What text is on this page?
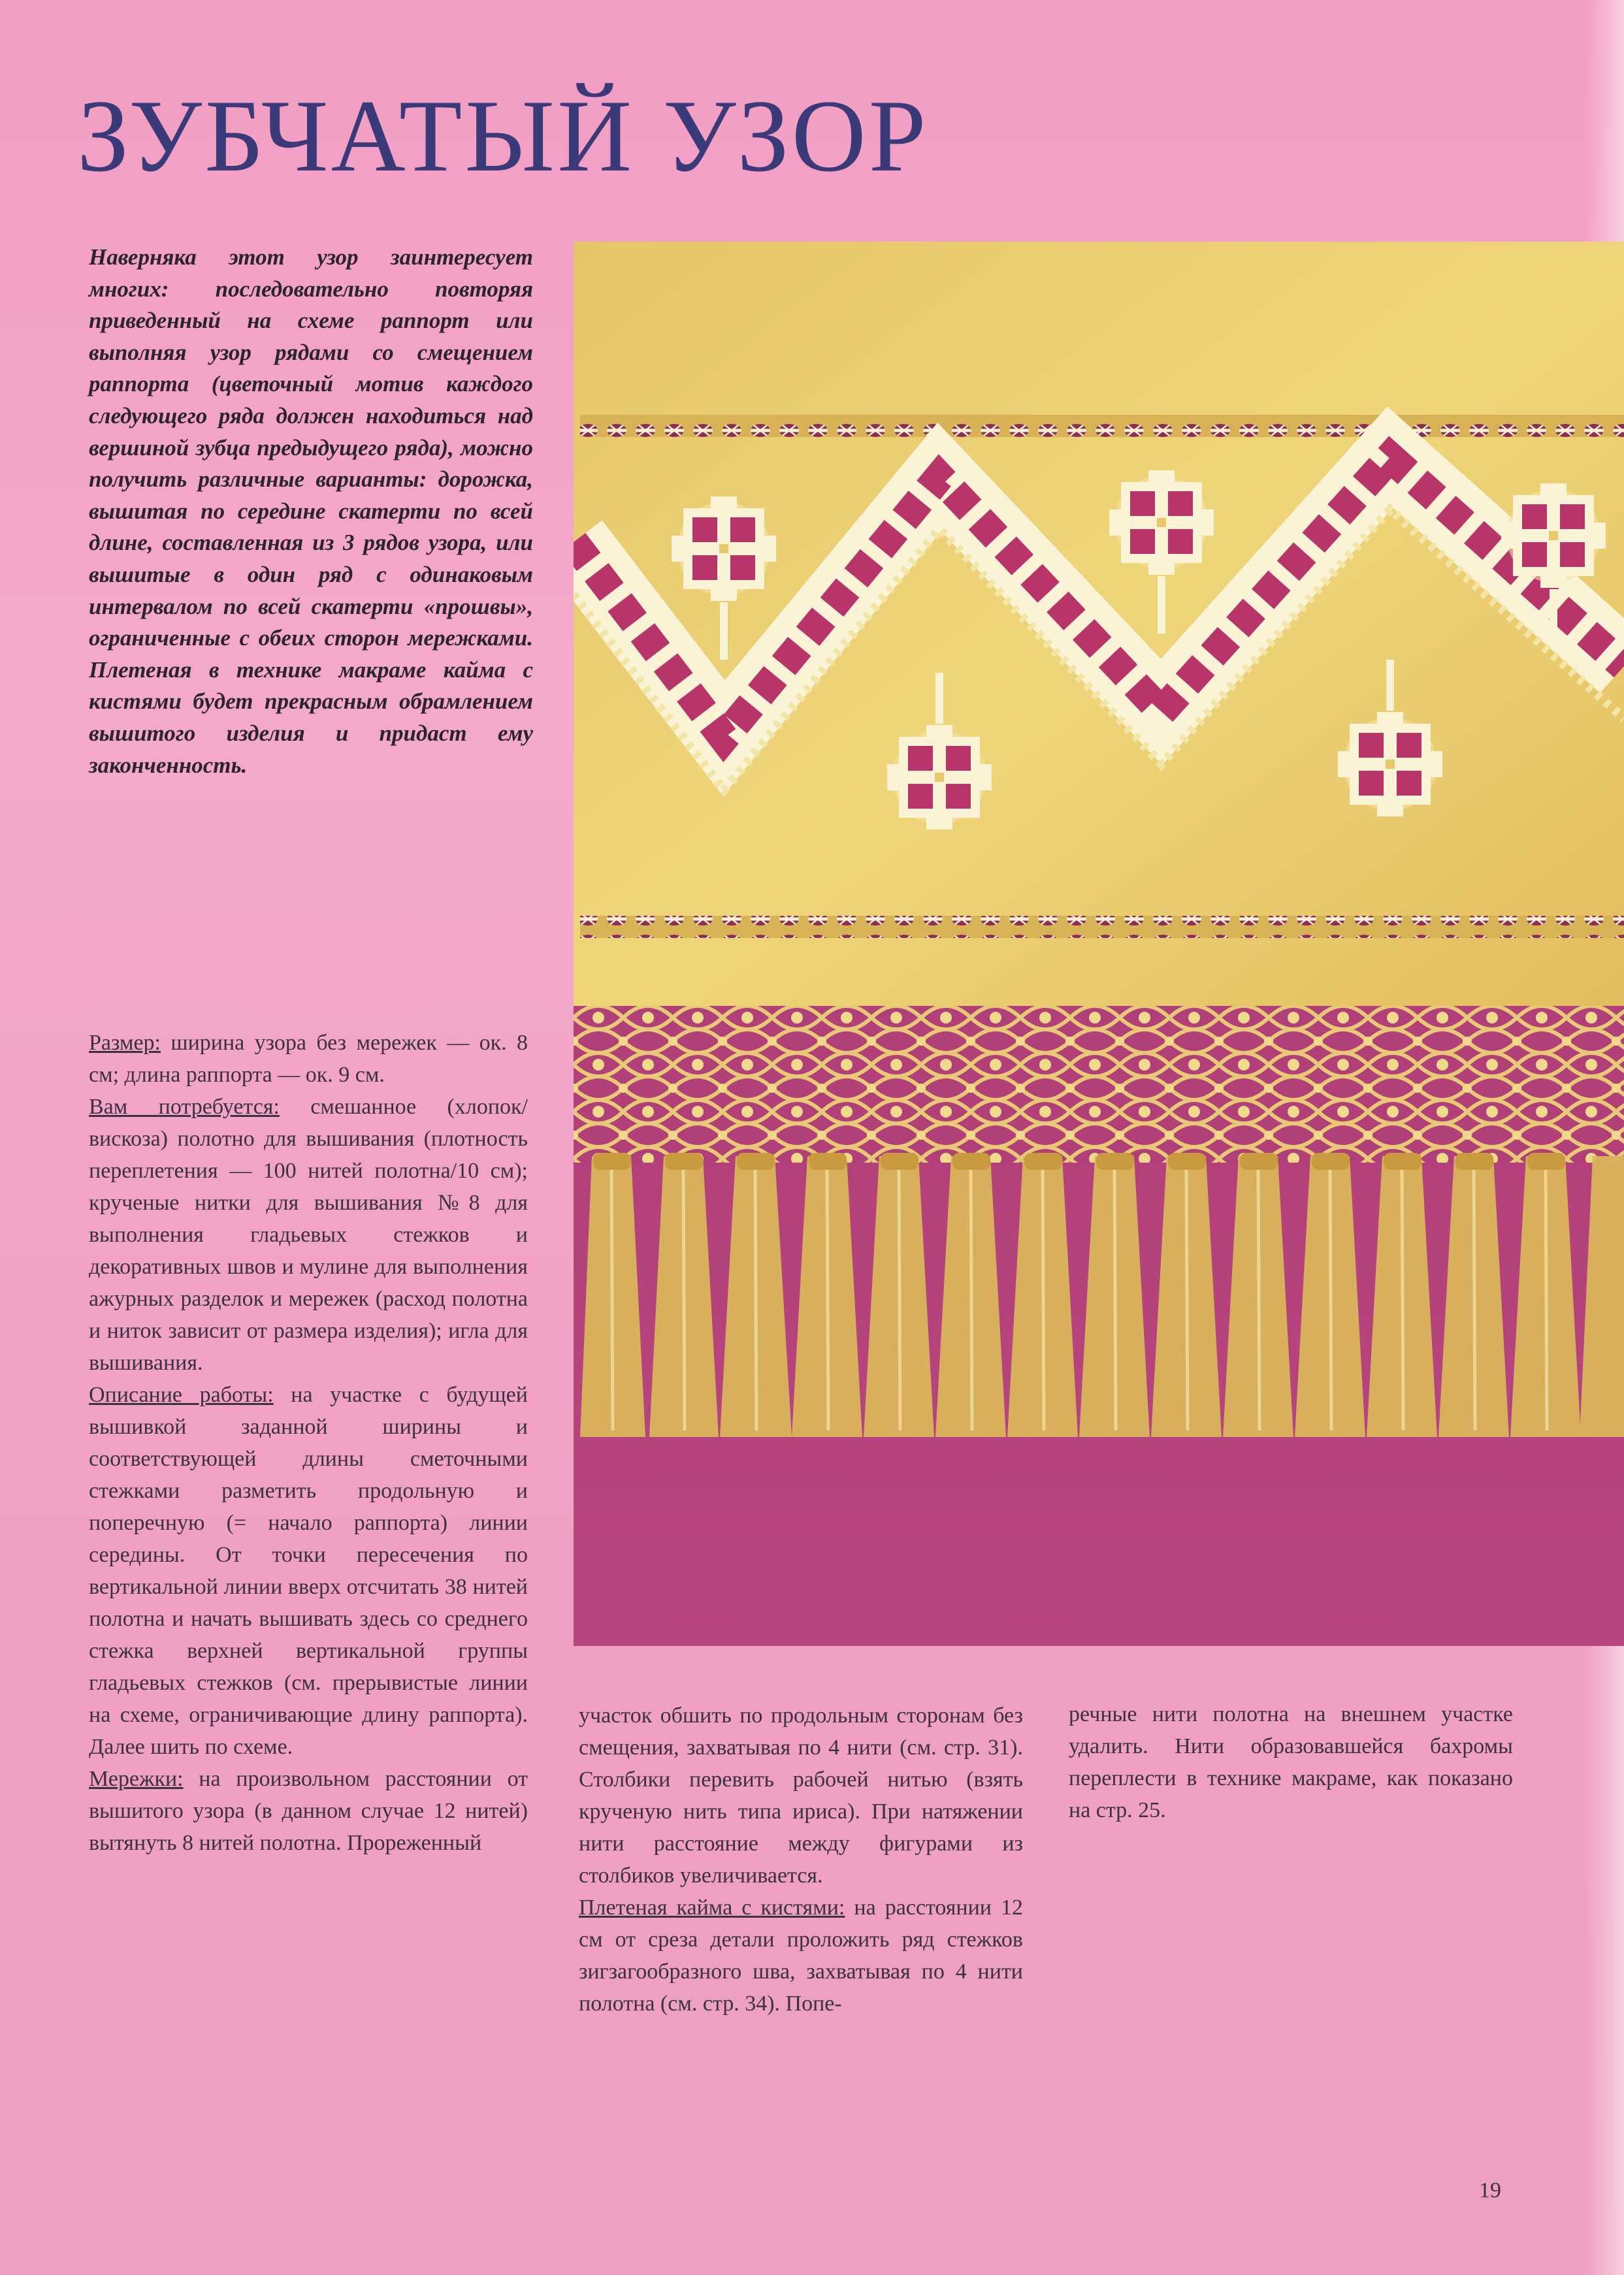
ЗУБЧАТЫЙ УЗОР

Наверняка этот узор заинтересует многих: последовательно повторяя приведенный на схеме раппорт или выполняя узор рядами со смещением раппорта (цветочный мотив каждого следующего ряда должен находиться над вершиной зубца предыдущего ряда), можно получить различные варианты: дорожка, вышитая по середине скатерти по всей длине, составленная из 3 рядов узора, или вышитые в один ряд с одинаковым интервалом по всей скатерти «прошвы», ограниченные с обеих сторон мережками. Плетеная в технике макраме кайма с кистями будет прекрасным обрамлением вышитого изделия и придаст ему законченность.

Размер: ширина узора без мережек — ок. 8 см; длина раппорта — ок. 9 см.

Вам потребуется: смешанное (хлопок/вискоза) полотно для вышивания (плотность переплетения — 100 нитей полотна/10 см); крученые нитки для вышивания №8 для выполнения гладьевых стежков и декоративных швов и мулине для выполнения ажурных разделок и мережек (расход полотна и ниток зависит от размера изделия); игла для вышивания.

Описание работы: на участке с будущей вышивкой заданной ширины и соответствующей длины сметочными стежками разметить продольную и поперечную (= начало раппорта) линии середины. От точки пересечения по вертикальной линии вверх отсчитать 38 нитей полотна и начать вышивать здесь со среднего стежка верхней вертикальной группы гладьевых стежков (см. прерывистые линии на схеме, ограничивающие длину раппорта). Далее шить по схеме.

Мережки: на произвольном расстоянии от вышитого узора (в данном случае 12 нитей) вытянуть 8 нитей полотна. Прореженный

участок обшить по продольным сторонам без смещения, захватывая по 4 нити (см. стр. 31). Столбики перевить рабочей нитью (взять крученую нить типа ириса). При натяжении нити расстояние между фигурами из столбиков увеличивается.

Плетеная кайма с кистями: на расстоянии 12 см от среза детали проложить ряд стежков зигзагообразного шва, захватывая по 4 нити полотна (см. стр. 34). Попе-

речные нити полотна на внешнем участке удалить. Нити образовавшейся бахромы переплести в технике макраме, как показано на стр. 25.

19
